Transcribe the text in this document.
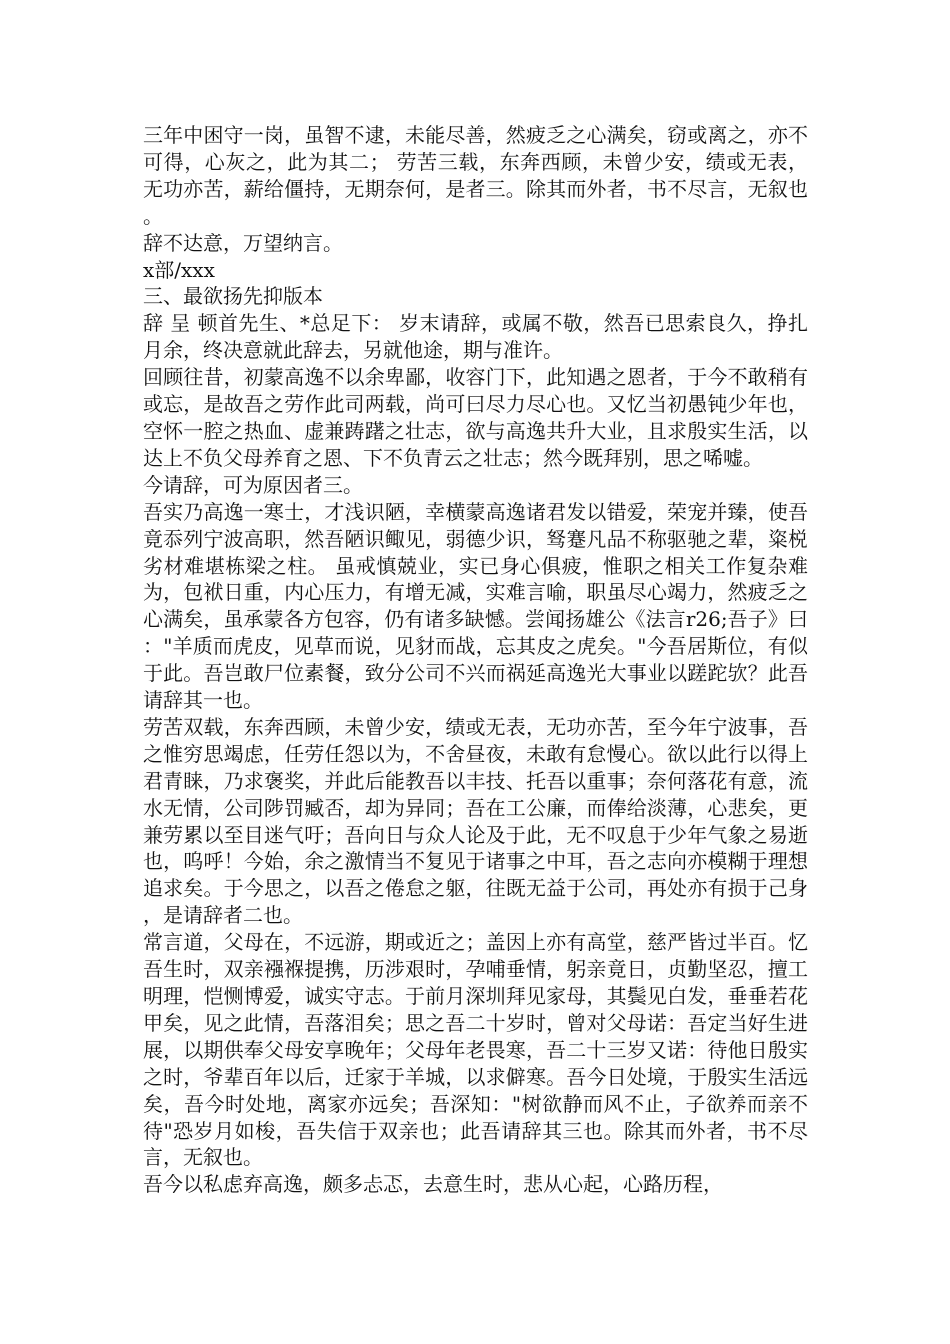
三年中困守一岗，虽智不逮，未能尽善，然疲乏之心满矣，窃或离之，亦不可得，心灰之，此为其二； 劳苦三载，东奔西顾，未曾少安，绩或无表，无功亦苦，薪给僵持，无期奈何，是者三。除其而外者，书不尽言，无叙也。

辞不达意，万望纳言。

x部/xxx

三、最欲扬先抑版本

辞 呈 顿首先生、*总足下： 岁末请辞，或属不敬，然吾已思索良久，挣扎月余，终决意就此辞去，另就他途，期与准许。

回顾往昔，初蒙高逸不以余卑鄙，收容门下，此知遇之恩者，于今不敢稍有或忘，是故吾之劳作此司两载，尚可曰尽力尽心也。又忆当初愚钝少年也，空怀一腔之热血、虚兼踌躇之壮志，欲与高逸共升大业，且求殷实生活，以达上不负父母养育之恩、下不负青云之壮志；然今既拜别，思之唏嘘。

今请辞，可为原因者三。

吾实乃高逸一寒士，才浅识陋，幸横蒙高逸诸君发以错爱，荣宠并臻，使吾竟忝列宁波高职，然吾陋识鲰见，弱德少识，驽蹇凡品不称驱驰之辈，粢棁劣材难堪栋梁之柱。 虽戒慎兢业，实已身心俱疲，惟职之相关工作复杂难为，包袱日重，内心压力，有增无减，实难言喻，职虽尽心竭力，然疲乏之心满矣，虽承蒙各方包容，仍有诸多缺憾。尝闻扬雄公《法言r26;吾子》曰："羊质而虎皮，见草而说，见豺而战，忘其皮之虎矣。"今吾居斯位，有似于此。吾岂敢尸位素餐，致分公司不兴而祸延高逸光大事业以蹉跎欤？此吾请辞其一也。

劳苦双载，东奔西顾，未曾少安，绩或无表，无功亦苦，至今年宁波事，吾之惟穷思竭虑，任劳任怨以为，不舍昼夜，未敢有怠慢心。欲以此行以得上君青睐，乃求褒奖，并此后能教吾以丰技、托吾以重事；奈何落花有意，流水无情，公司陟罚臧否，却为异同；吾在工公廉，而俸给淡薄，心悲矣，更兼劳累以至目迷气吁；吾向日与众人论及于此，无不叹息于少年气象之易逝也，呜呼！今始，余之激情当不复见于诸事之中耳，吾之志向亦模糊于理想追求矣。于今思之，以吾之倦怠之躯，往既无益于公司，再处亦有损于己身，是请辞者二也。

常言道，父母在，不远游，期或近之；盖因上亦有高堂，慈严皆过半百。忆吾生时，双亲襁褓提携，历涉艰时，孕哺垂情，躬亲竟日，贞勤坚忍，擅工明理，恺恻博爱，诚实守志。于前月深圳拜见家母，其鬓见白发，垂垂若花甲矣，见之此情，吾落泪矣；思之吾二十岁时，曾对父母诺：吾定当好生进展，以期供奉父母安享晚年；父母年老畏寒，吾二十三岁又诺：待他日殷实之时，爷辈百年以后，迁家于羊城，以求僻寒。吾今日处境，于殷实生活远矣，吾今时处地，离家亦远矣；吾深知："树欲静而风不止，子欲养而亲不待"恐岁月如梭，吾失信于双亲也；此吾请辞其三也。除其而外者，书不尽言，无叙也。

吾今以私虑弃高逸，颇多忐忑，去意生时，悲从心起，心路历程，
